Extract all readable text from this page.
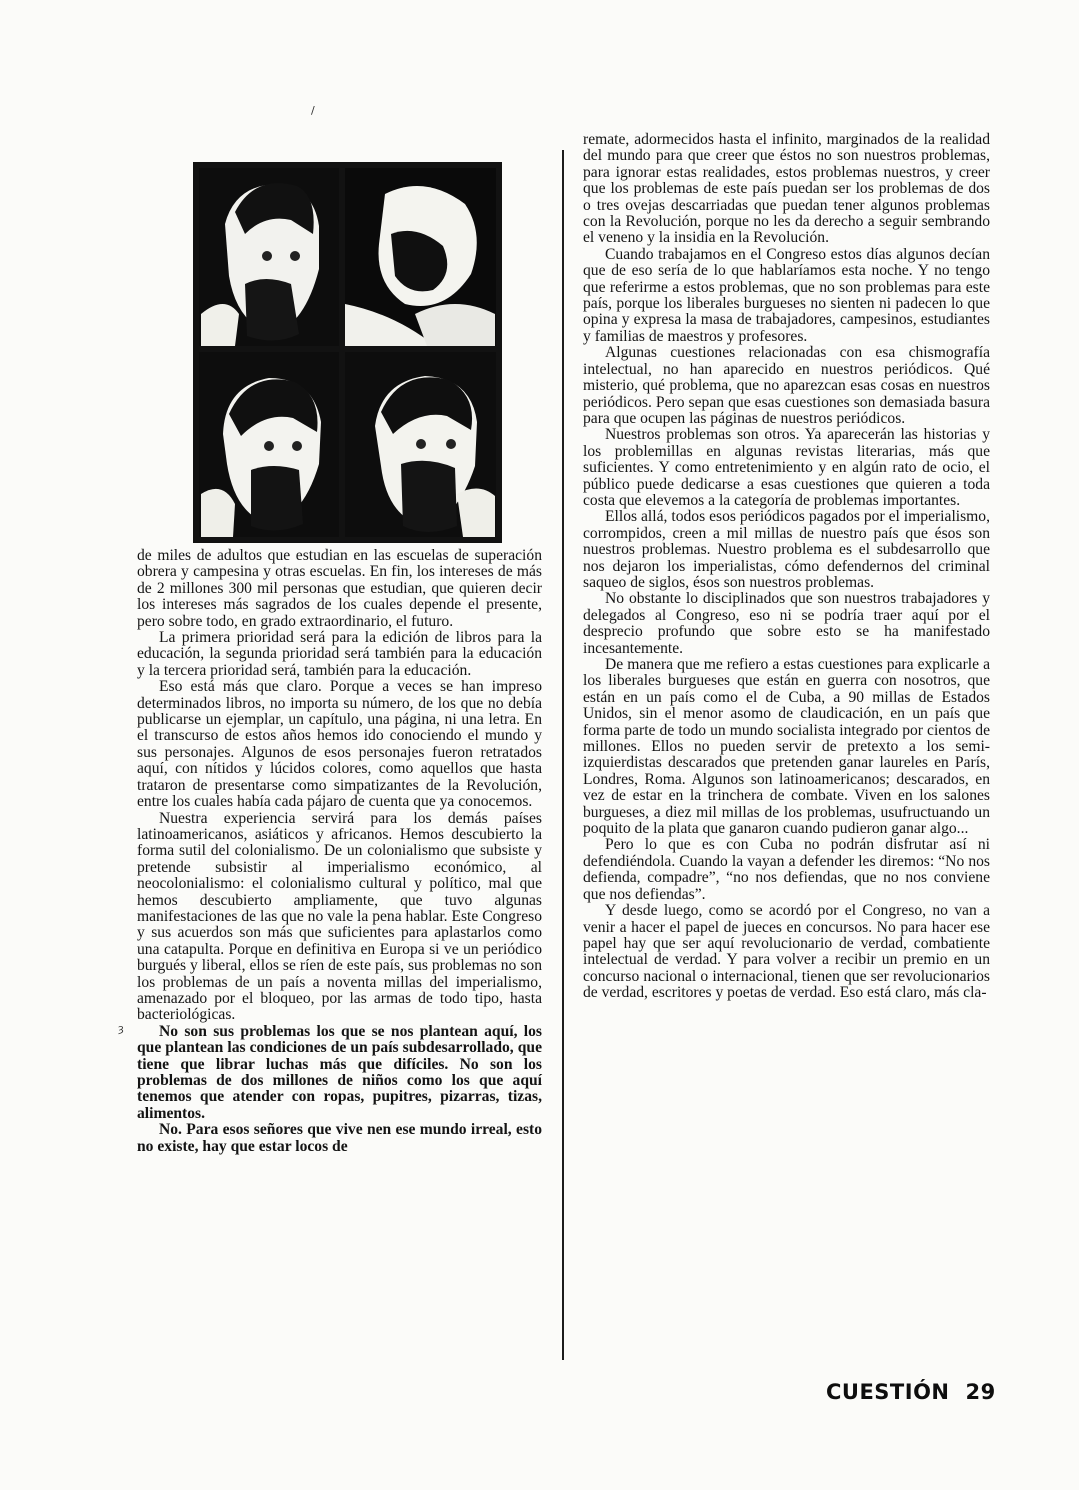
/
ȝ

de miles de adultos que estudian en las escuelas de superación obrera y campesina y otras escuelas. En fin, los intereses de más de 2 millones 300 mil personas que estudian, que quieren decir los intereses más sagrados de los cuales depende el presente, pero sobre todo, en grado extraordinario, el futuro.

La primera prioridad será para la edición de libros para la educación, la segunda prioridad será también para la educación y la tercera prioridad será, también para la educación.

Eso está más que claro. Porque a veces se han impreso determinados libros, no importa su número, de los que no debía publicarse un ejemplar, un capítulo, una página, ni una letra. En el transcurso de estos años hemos ido conociendo el mundo y sus personajes. Algunos de esos personajes fueron retratados aquí, con nítidos y lúcidos colores, como aquellos que hasta trataron de presentarse como simpatizantes de la Revolución, entre los cuales había cada pájaro de cuenta que ya conocemos.

Nuestra experiencia servirá para los demás países latinoamericanos, asiáticos y africanos. Hemos descubierto la forma sutil del colonialismo. De un colonialismo que subsiste y pretende subsistir al imperialismo económico, al neocolonialismo: el colonialismo cultural y político, mal que hemos descubierto ampliamente, que tuvo algunas manifestaciones de las que no vale la pena hablar. Este Congreso y sus acuerdos son más que suficientes para aplastarlos como una catapulta. Porque en definitiva en Europa si ve un periódico burgués y liberal, ellos se ríen de este país, sus problemas no son los problemas de un país a noventa millas del imperialismo, amenazado por el bloqueo, por las armas de todo tipo, hasta bacteriológicas.

No son sus problemas los que se nos plantean aquí, los que plantean las condiciones de un país subdesarrollado, que tiene que librar luchas más que difíciles. No son los problemas de dos millones de niños como los que aquí tenemos que atender con ropas, pupitres, pizarras, tizas, alimentos.

No. Para esos señores que vive nen ese mundo irreal, esto no existe, hay que estar locos de

remate, adormecidos hasta el infinito, marginados de la realidad del mundo para que creer que éstos no son nuestros problemas, para ignorar estas realidades, estos problemas nuestros, y creer que los problemas de este país puedan ser los problemas de dos o tres ovejas descarriadas que puedan tener algunos problemas con la Revolución, porque no les da derecho a seguir sembrando el veneno y la insidia en la Revolución.

Cuando trabajamos en el Congreso estos días algunos decían que de eso sería de lo que hablaríamos esta noche. Y no tengo que referirme a estos problemas, que no son problemas para este país, porque los liberales burgueses no sienten ni padecen lo que opina y expresa la masa de trabajadores, campesinos, estudiantes y familias de maestros y profesores.

Algunas cuestiones relacionadas con esa chismografía intelectual, no han aparecido en nuestros periódicos. Qué misterio, qué problema, que no aparezcan esas cosas en nuestros periódicos. Pero sepan que esas cuestiones son demasiada basura para que ocupen las páginas de nuestros periódicos.

Nuestros problemas son otros. Ya aparecerán las historias y los problemillas en algunas revistas literarias, más que suficientes. Y como entretenimiento y en algún rato de ocio, el público puede dedicarse a esas cuestiones que quieren a toda costa que elevemos a la categoría de problemas importantes.

Ellos allá, todos esos periódicos pagados por el imperialismo, corrompidos, creen a mil millas de nuestro país que ésos son nuestros problemas. Nuestro problema es el subdesarrollo que nos dejaron los imperialistas, cómo defendernos del criminal saqueo de siglos, ésos son nuestros problemas.

No obstante lo disciplinados que son nuestros trabajadores y delegados al Congreso, eso ni se podría traer aquí por el desprecio profundo que sobre esto se ha manifestado incesantemente.

De manera que me refiero a estas cuestiones para explicarle a los liberales burgueses que están en guerra con nosotros, que están en un país como el de Cuba, a 90 millas de Estados Unidos, sin el menor asomo de claudicación, en un país que forma parte de todo un mundo socialista integrado por cientos de millones. Ellos no pueden servir de pretexto a los semi-izquierdistas descarados que pretenden ganar laureles en París, Londres, Roma. Algunos son latinoamericanos; descarados, en vez de estar en la trinchera de combate. Viven en los salones burgueses, a diez mil millas de los problemas, usufructuando un poquito de la plata que ganaron cuando pudieron ganar algo...

Pero lo que es con Cuba no podrán disfrutar así ni defendiéndola. Cuando la vayan a defender les diremos: “No nos defienda, compadre”, “no nos defiendas, que no nos conviene que nos defiendas”.

Y desde luego, como se acordó por el Congreso, no van a venir a hacer el papel de jueces en concursos. No para hacer ese papel hay que ser aquí revolucionario de verdad, combatiente intelectual de verdad. Y para volver a recibir un premio en un concurso nacional o internacional, tienen que ser revolucionarios de verdad, escritores y poetas de verdad. Eso está claro, más cla-

CUESTIÓN 29
